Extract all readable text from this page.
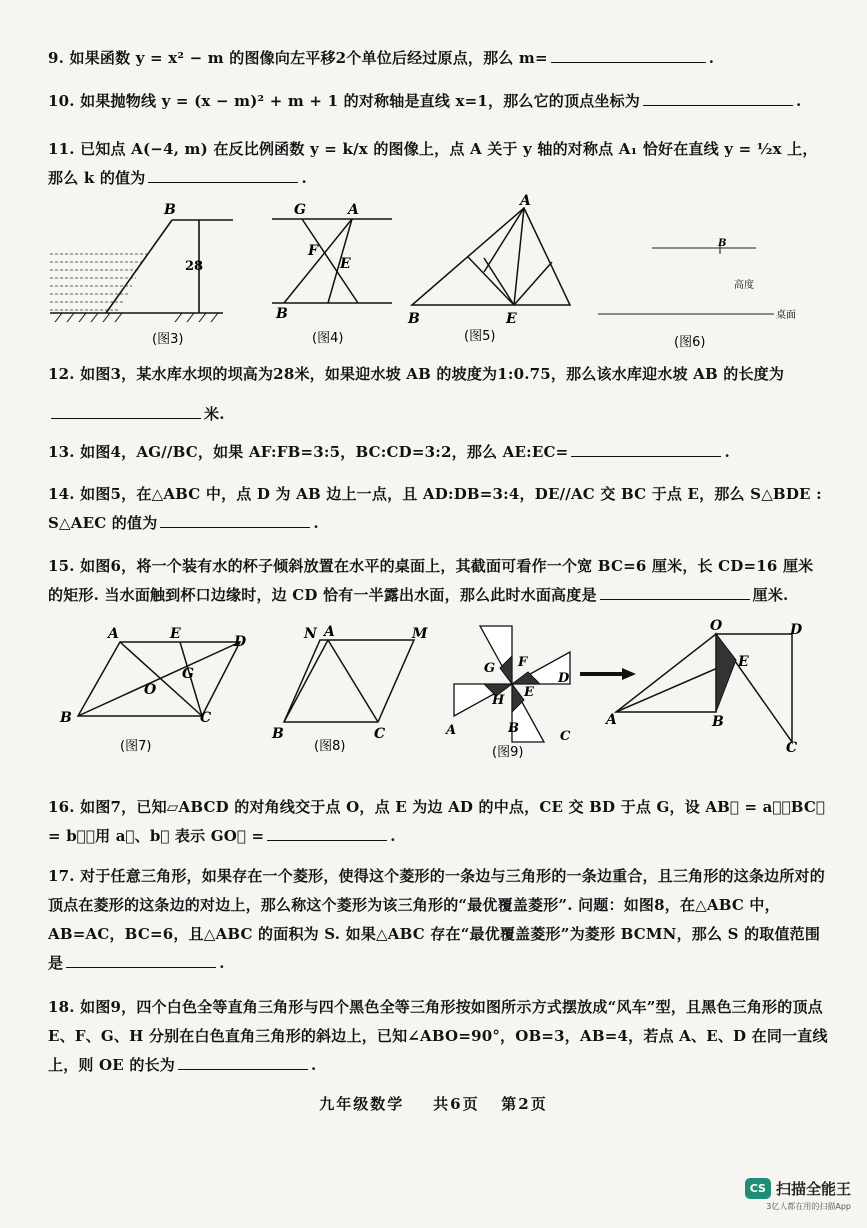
9. 如果函数 y = x² − m 的图像向左平移2个单位后经过原点，那么 m=	.
10. 如果抛物线 y = (x − m)² + m + 1 的对称轴是直线 x=1，那么它的顶点坐标为	.
11. 已知点 A(−4, m) 在反比例函数 y = k/x 的图像上，点 A 关于 y 轴的对称点 A₁ 恰好在直线 y = ½x 上，那么 k 的值为	.
B
28
(图3)
G	A
F
E
B
(图4)
A
B	E
(图5)
B
高度
桌面
(图6)
12. 如图3，某水库水坝的坝高为28米，如果迎水坡 AB 的坡度为1:0.75，那么该水库迎水坡 AB 的长度为米.
13. 如图4，AG//BC，如果 AF:FB=3:5，BC:CD=3:2，那么 AE:EC=	.
14. 如图5，在△ABC 中，点 D 为 AB 边上一点，且 AD:DB=3:4，DE//AC 交 BC 于点 E，那么 S△BDE : S△AEC 的值为	.
15. 如图6，将一个装有水的杯子倾斜放置在水平的桌面上，其截面可看作一个宽 BC=6 厘米，长 CD=16 厘米的矩形. 当水面触到杯口边缘时，边 CD 恰有一半露出水面，那么此时水面高度是	厘米.
A	E	D
O
G
B	C
(图7)
N A	M
B	C
(图8)
G F
H
E
D
A	B
C
(图9)
O	D
E
A	B
C
16. 如图7，已知▱ABCD 的对角线交于点 O，点 E 为边 AD 的中点，CE 交 BD 于点 G，设 AB⃗ = a⃗，BC⃗ = b⃗，用 a⃗、b⃗ 表示 GO⃗ =	.
17. 对于任意三角形，如果存在一个菱形，使得这个菱形的一条边与三角形的一条边重合，且三角形的这条边所对的顶点在菱形的这条边的对边上，那么称这个菱形为该三角形的“最优覆盖菱形”. 问题：如图8，在△ABC 中，AB=AC，BC=6，且△ABC 的面积为 S. 如果△ABC 存在“最优覆盖菱形”为菱形 BCMN，那么 S 的取值范围是	.
18. 如图9，四个白色全等直角三角形与四个黑色全等三角形按如图所示方式摆放成“风车”型，且黑色三角形的顶点 E、F、G、H 分别在白色直角三角形的斜边上，已知∠ABO=90°，OB=3，AB=4，若点 A、E、D 在同一直线上，则 OE 的长为	.
九年级数学 共6页 第2页
CS 扫描全能王
3亿人都在用的扫描App
